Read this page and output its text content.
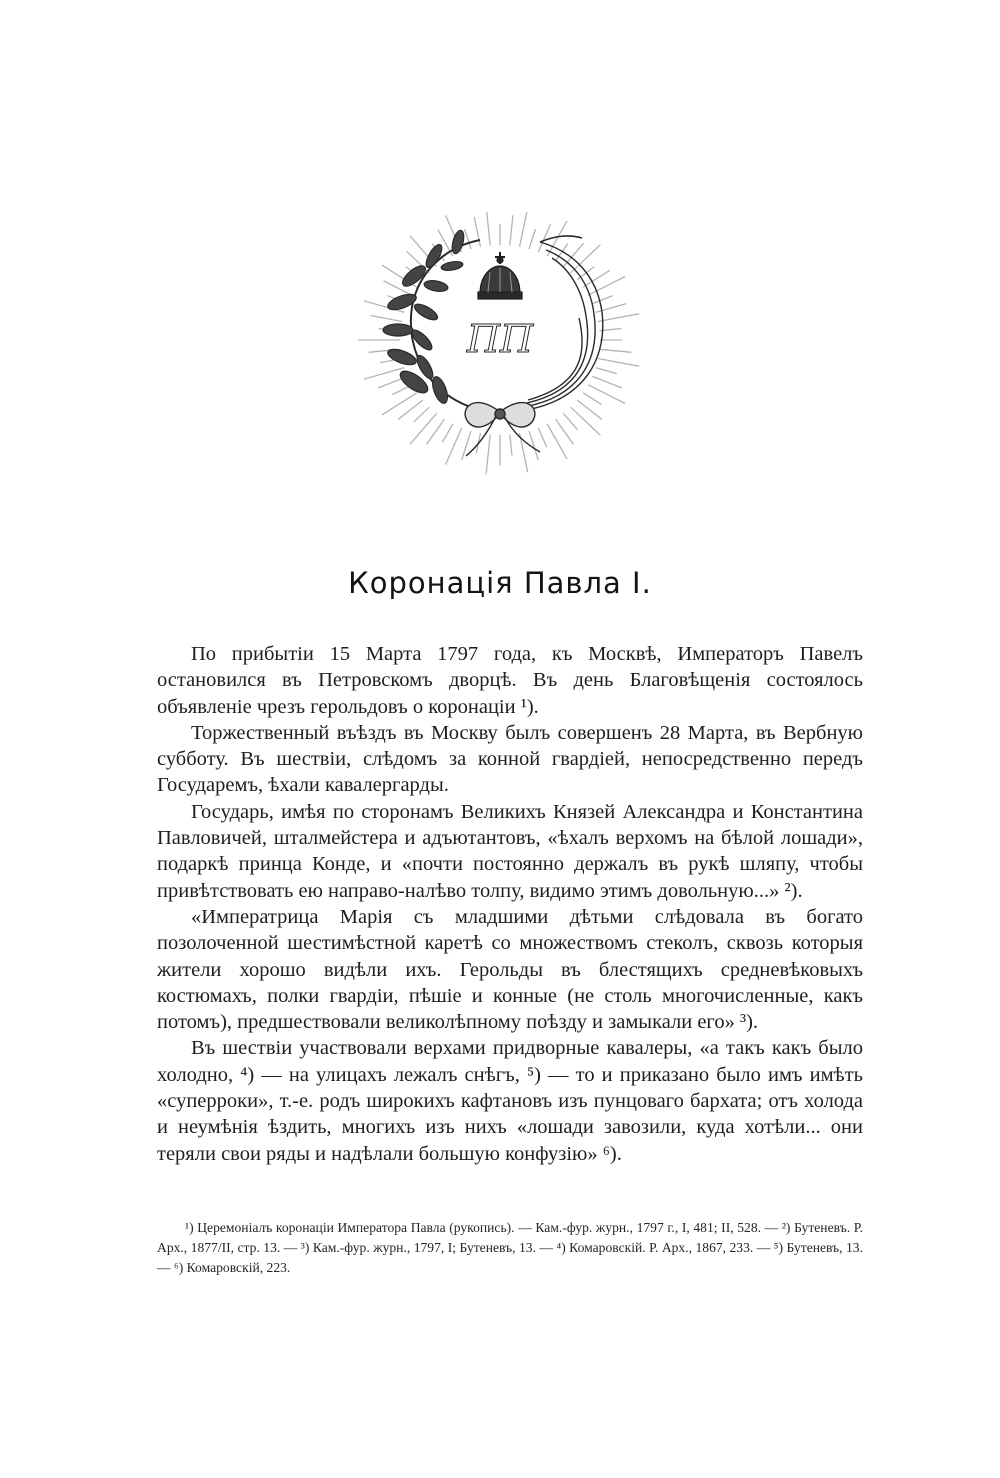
ПП
Коронація Павла I.

По прибытіи 15 Марта 1797 года, къ Москвѣ, Императоръ Павелъ остановился въ Петровскомъ дворцѣ. Въ день Благовѣщенія состоялось объявленіе чрезъ герольдовъ о коронаціи ¹).

Торжественный въѣздъ въ Москву былъ совершенъ 28 Марта, въ Вербную субботу. Въ шествіи, слѣдомъ за конной гвардіей, непосредственно передъ Государемъ, ѣхали кавалергарды.

Государь, имѣя по сторонамъ Великихъ Князей Александра и Константина Павловичей, шталмейстера и адъютантовъ, «ѣхалъ верхомъ на бѣлой лошади», подаркѣ принца Конде, и «почти постоянно держалъ въ рукѣ шляпу, чтобы привѣтствовать ею направо-налѣво толпу, видимо этимъ довольную...» ²).

«Императрица Марія съ младшими дѣтьми слѣдовала въ богато позолоченной шестимѣстной каретѣ со множествомъ стеколъ, сквозь которыя жители хорошо видѣли ихъ. Герольды въ блестящихъ средневѣковыхъ костюмахъ, полки гвардіи, пѣшіе и конные (не столь многочисленные, какъ потомъ), предшествовали великолѣпному поѣзду и замыкали его» ³).

Въ шествіи участвовали верхами придворные кавалеры, «а такъ какъ было холодно, ⁴) — на улицахъ лежалъ снѣгъ, ⁵) — то и приказано было имъ имѣть «суперроки», т.-е. родъ широкихъ кафтановъ изъ пунцоваго бархата; отъ холода и неумѣнія ѣздить, многихъ изъ нихъ «лошади завозили, куда хотѣли... они теряли свои ряды и надѣлали большую конфузію» ⁶).

¹) Церемоніалъ коронаціи Императора Павла (рукопись). — Кам.-фур. журн., 1797 г., I, 481; II, 528. — ²) Бутеневъ. Р. Арх., 1877/II, стр. 13. — ³) Кам.-фур. журн., 1797, I; Бутеневъ, 13. — ⁴) Комаровскій. Р. Арх., 1867, 233. — ⁵) Бутеневъ, 13. — ⁶) Комаровскій, 223.
